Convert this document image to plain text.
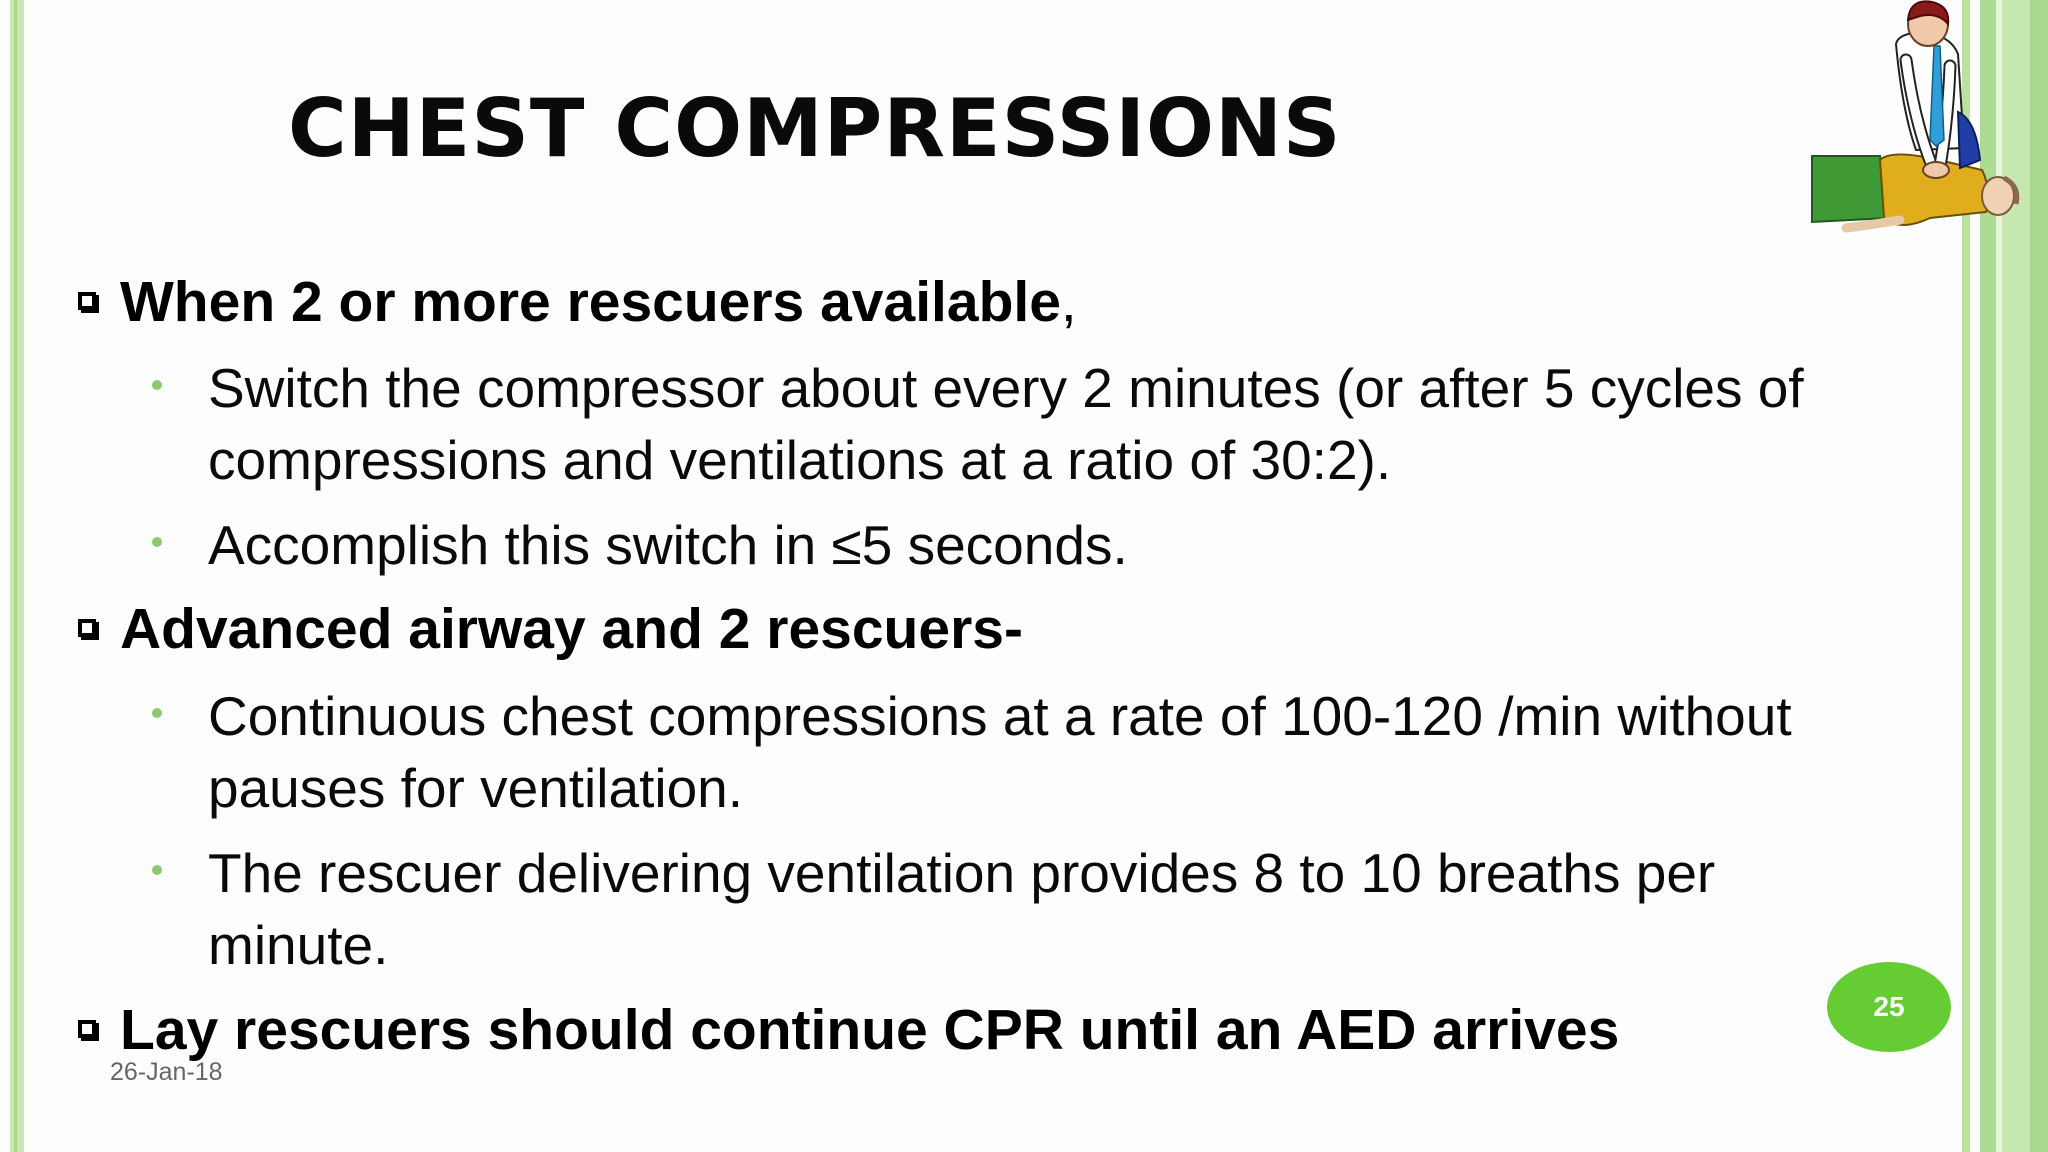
CHEST COMPRESSIONS
When 2 or more rescuers available,
Switch the compressor about every 2 minutes (or after 5 cycles of compressions and ventilations at a ratio of 30:2).
Accomplish this switch in ≤5 seconds.
Advanced airway and 2 rescuers-
Continuous chest compressions at a rate of 100-120 /min without pauses for ventilation.
The rescuer delivering ventilation provides 8 to 10 breaths per minute.
Lay rescuers should continue CPR until an AED arrives
26-Jan-18
25
